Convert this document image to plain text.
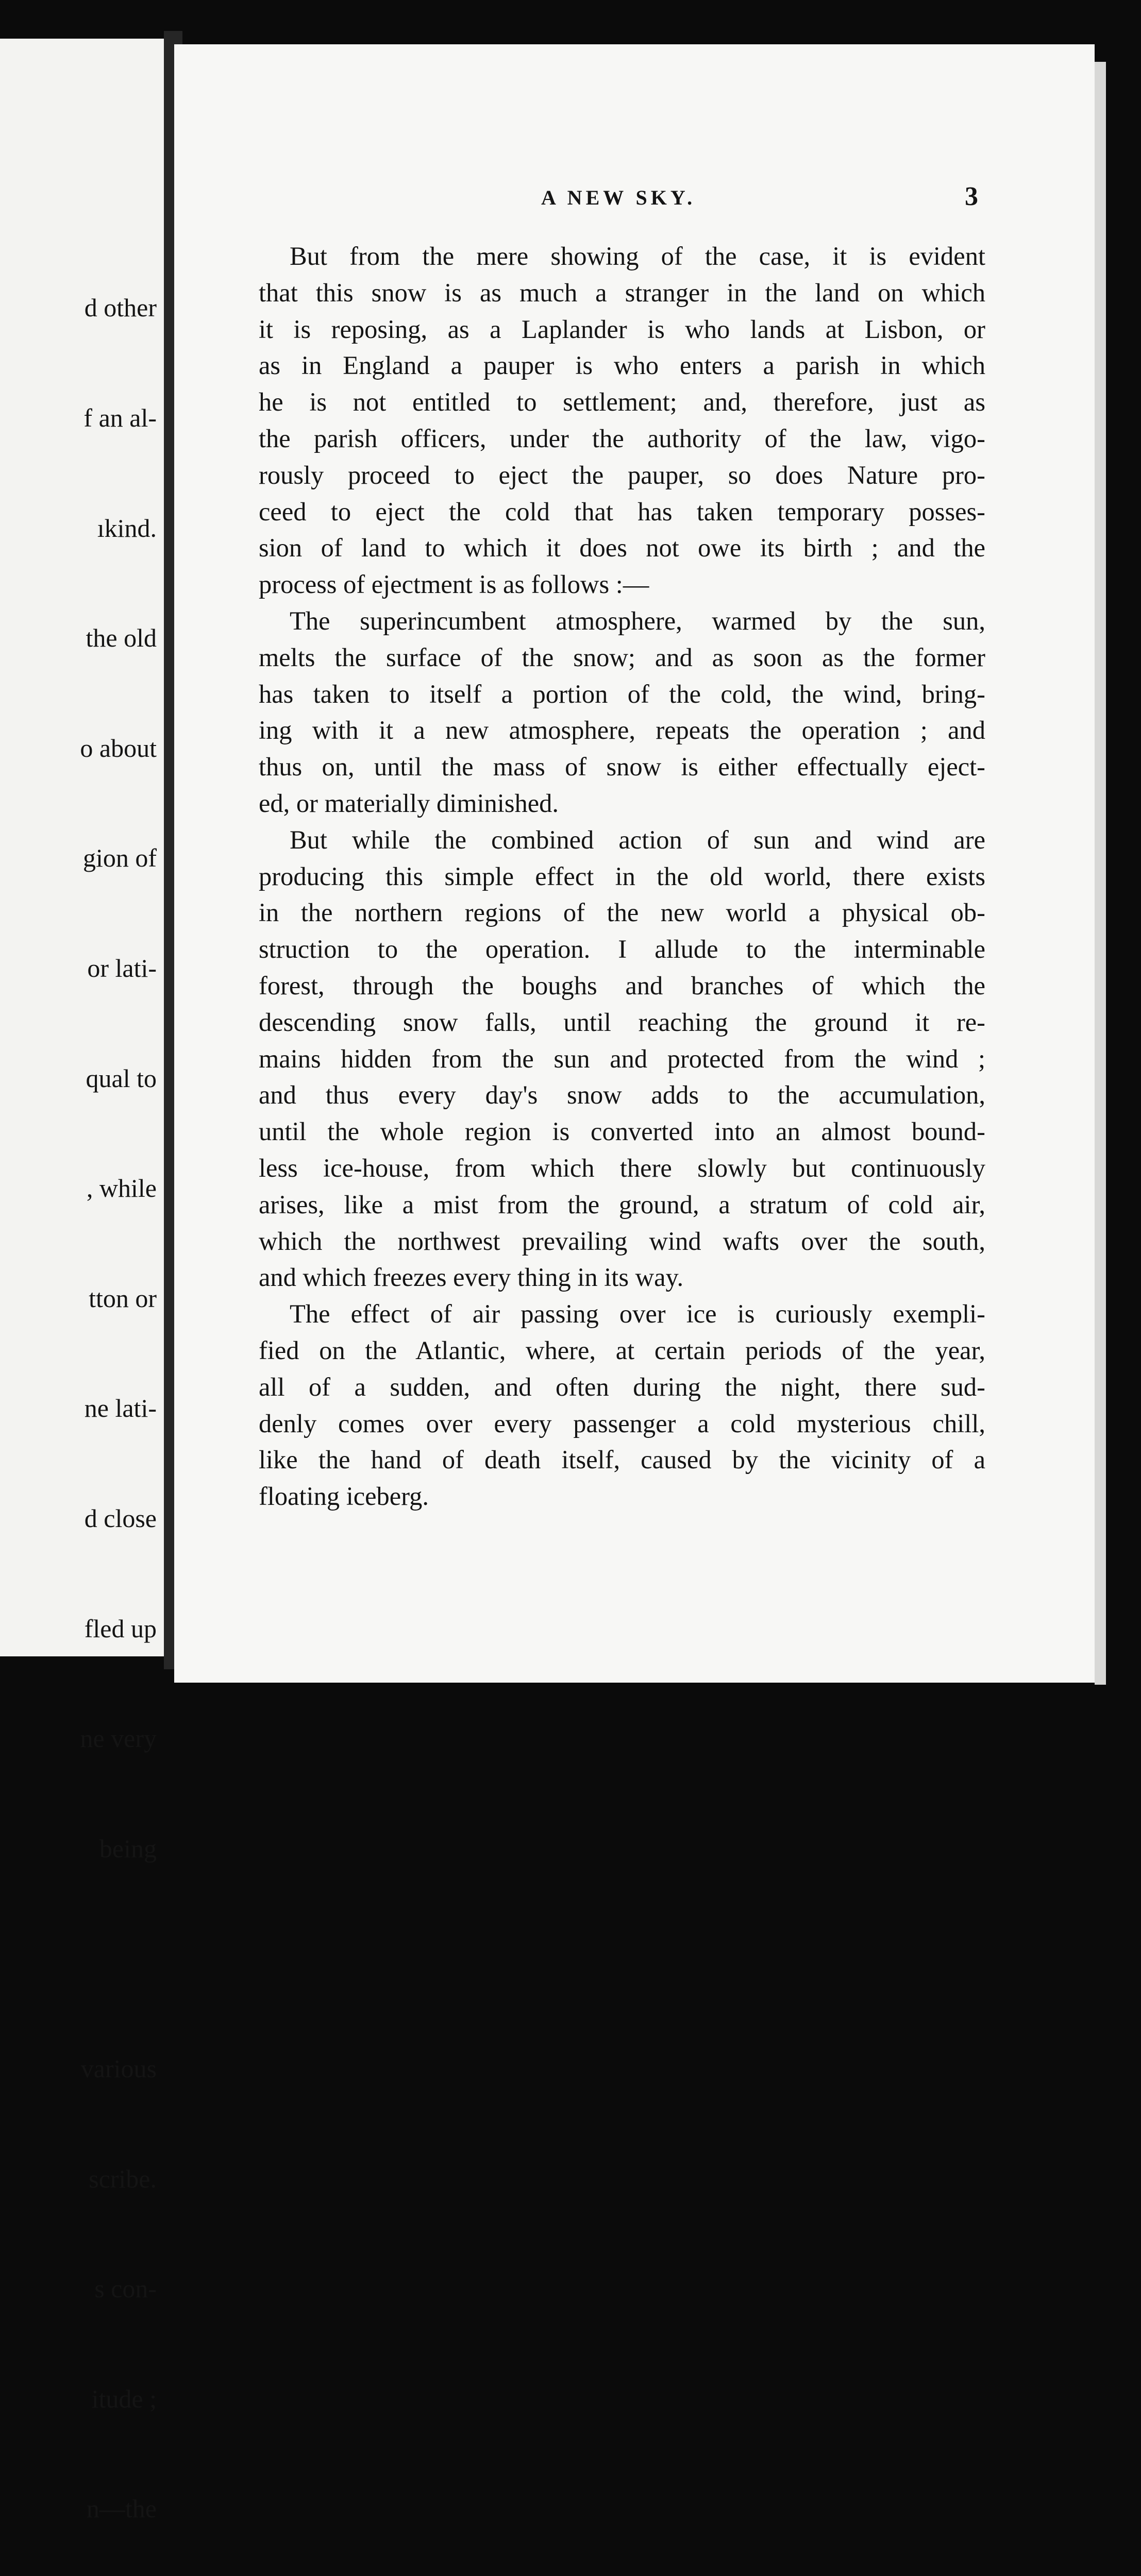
d other

f an al-

ıkind.

the old

o about

gion of

or lati-

qual to

, while

tton or

ne lati-

d close

fled up

ne very

being

various

scribe.

s con-

itude ;

n—the

A NEW SKY.	3
But from the mere showing of the case, it is evident
that this snow is as much a stranger in the land on which
it is reposing, as a Laplander is who lands at Lisbon, or
as in England a pauper is who enters a parish in which
he is not entitled to settlement; and, therefore, just as
the parish officers, under the authority of the law, vigo-
rously proceed to eject the pauper, so does Nature pro-
ceed to eject the cold that has taken temporary posses-
sion of land to which it does not owe its birth ; and the
process of ejectment is as follows :—
The superincumbent atmosphere, warmed by the sun,
melts the surface of the snow; and as soon as the former
has taken to itself a portion of the cold, the wind, bring-
ing with it a new atmosphere, repeats the operation ; and
thus on, until the mass of snow is either effectually eject-
ed, or materially diminished.
But while the combined action of sun and wind are
producing this simple effect in the old world, there exists
in the northern regions of the new world a physical ob-
struction to the operation. I allude to the interminable
forest, through the boughs and branches of which the
descending snow falls, until reaching the ground it re-
mains hidden from the sun and protected from the wind ;
and thus every day's snow adds to the accumulation,
until the whole region is converted into an almost bound-
less ice-house, from which there slowly but continuously
arises, like a mist from the ground, a stratum of cold air,
which the northwest prevailing wind wafts over the south,
and which freezes every thing in its way.
The effect of air passing over ice is curiously exempli-
fied on the Atlantic, where, at certain periods of the year,
all of a sudden, and often during the night, there sud-
denly comes over every passenger a cold mysterious chill,
like the hand of death itself, caused by the vicinity of a
floating iceberg.
